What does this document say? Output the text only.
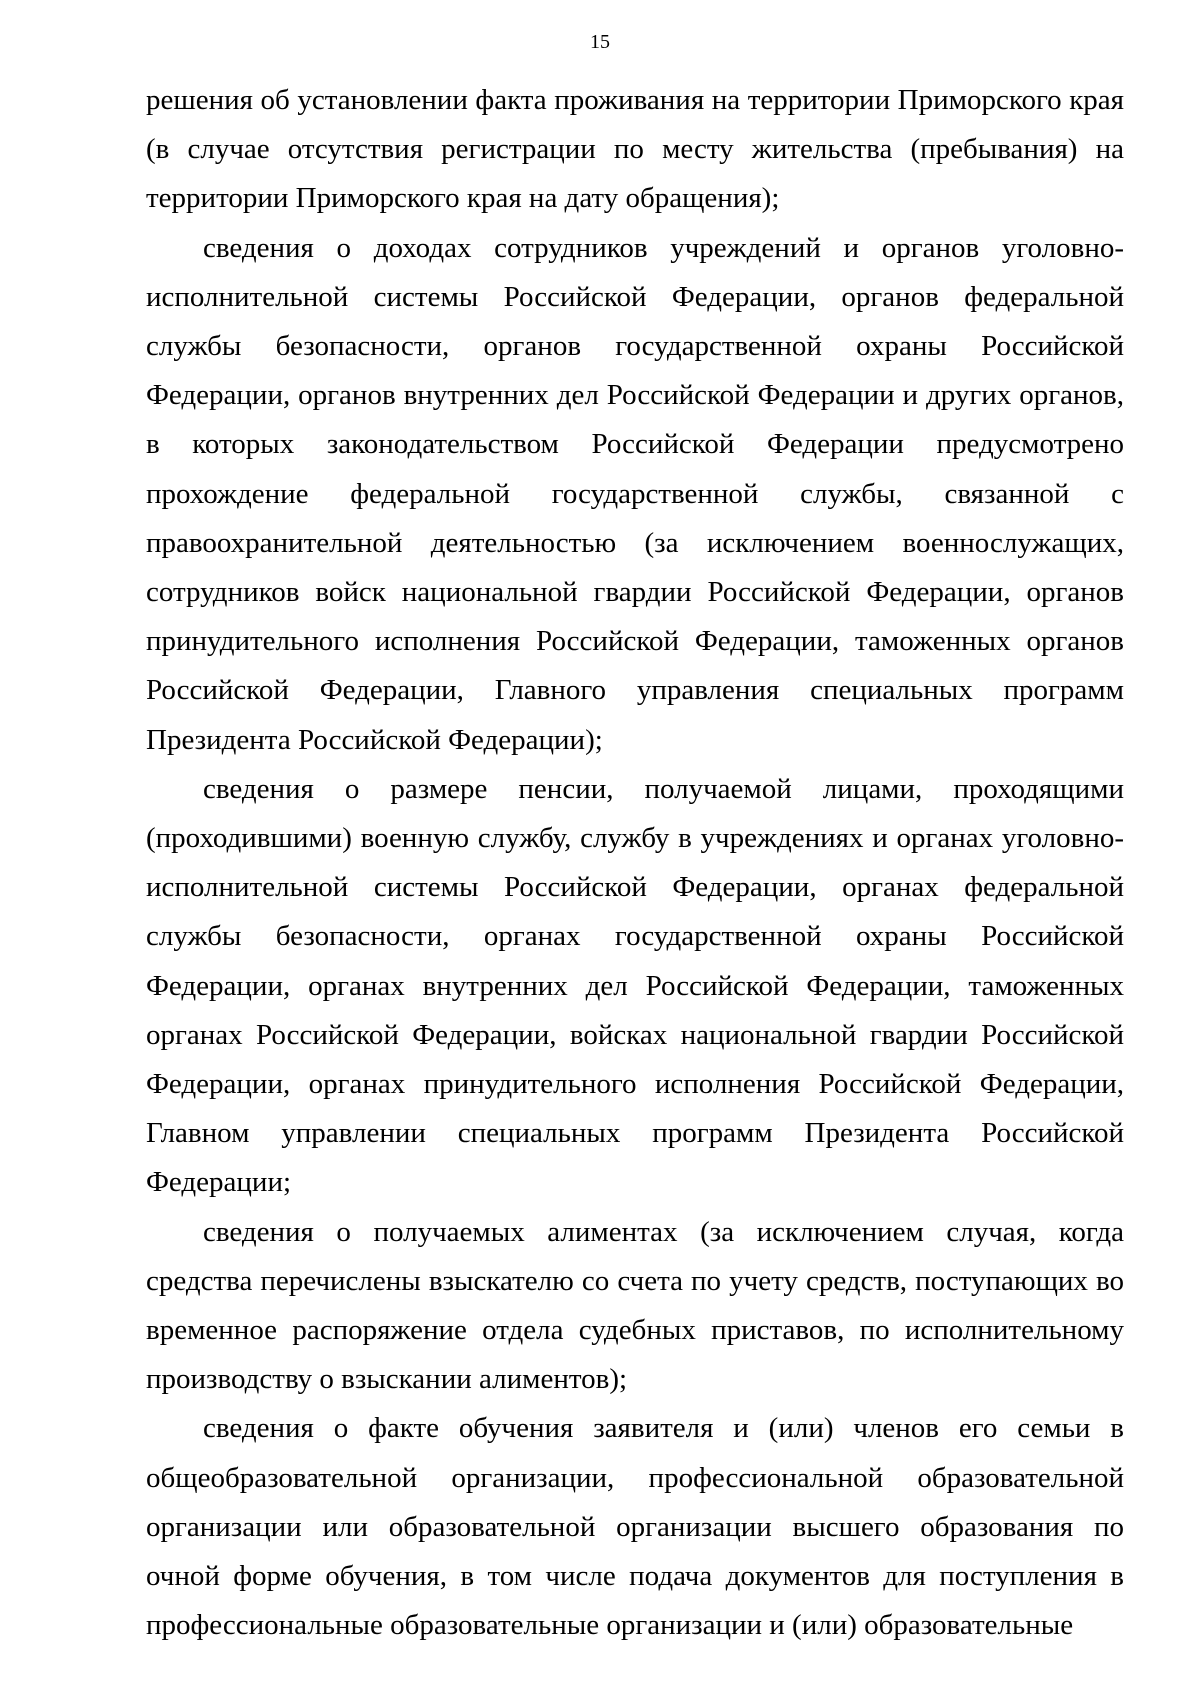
15

решения об установлении факта проживания на территории Приморского края (в случае отсутствия регистрации по месту жительства (пребывания) на территории Приморского края на дату обращения);

сведения о доходах сотрудников учреждений и органов уголовно-исполнительной системы Российской Федерации, органов федеральной службы безопасности, органов государственной охраны Российской Федерации, органов внутренних дел Российской Федерации и других органов, в которых законодательством Российской Федерации предусмотрено прохождение федеральной государственной службы, связанной с правоохранительной деятельностью (за исключением военнослужащих, сотрудников войск национальной гвардии Российской Федерации, органов принудительного исполнения Российской Федерации, таможенных органов Российской Федерации, Главного управления специальных программ Президента Российской Федерации);

сведения о размере пенсии, получаемой лицами, проходящими (проходившими) военную службу, службу в учреждениях и органах уголовно-исполнительной системы Российской Федерации, органах федеральной службы безопасности, органах государственной охраны Российской Федерации, органах внутренних дел Российской Федерации, таможенных органах Российской Федерации, войсках национальной гвардии Российской Федерации, органах принудительного исполнения Российской Федерации, Главном управлении специальных программ Президента Российской Федерации;

сведения о получаемых алиментах (за исключением случая, когда средства перечислены взыскателю со счета по учету средств, поступающих во временное распоряжение отдела судебных приставов, по исполнительному производству о взыскании алиментов);

сведения о факте обучения заявителя и (или) членов его семьи в общеобразовательной организации, профессиональной образовательной организации или образовательной организации высшего образования по очной форме обучения, в том числе подача документов для поступления в профессиональные образовательные организации и (или) образовательные
